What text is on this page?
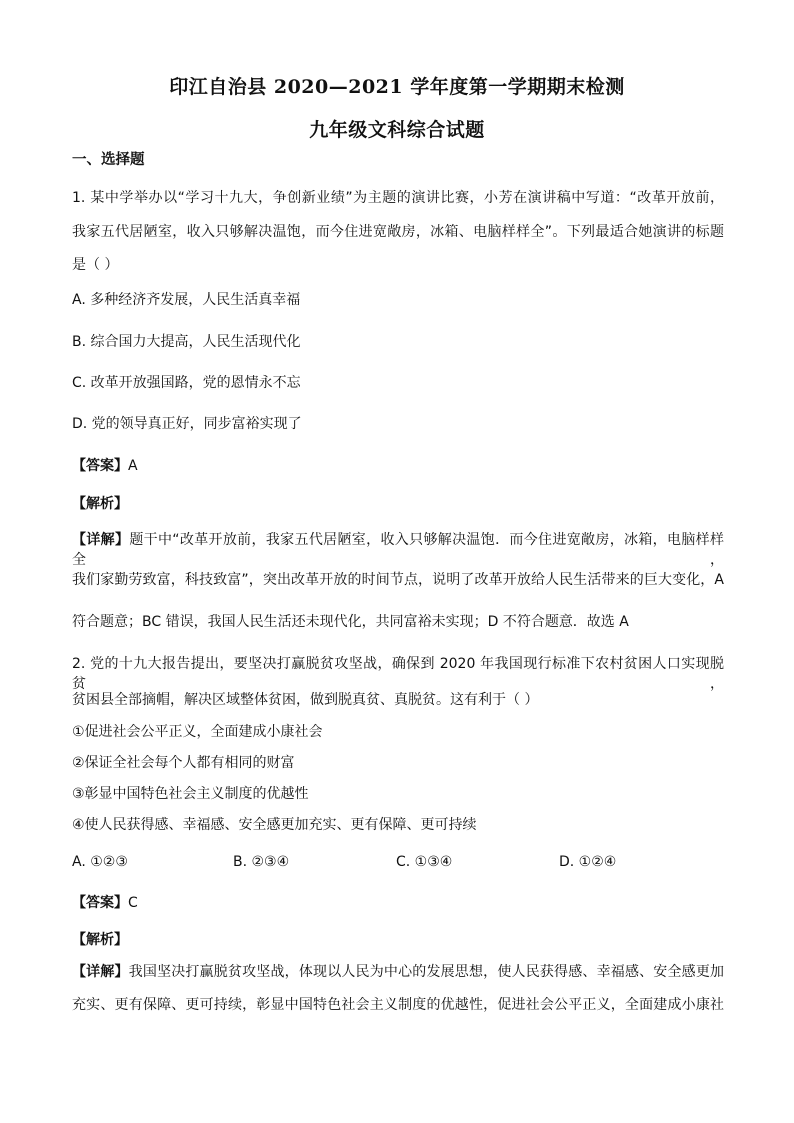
印江自治县 2020—2021 学年度第一学期期末检测
九年级文科综合试题
一、选择题
1. 某中学举办以“学习十九大，争创新业绩”为主题的演讲比赛，小芳在演讲稿中写道：“改革开放前，
我家五代居陋室，收入只够解决温饱，而今住进宽敞房，冰箱、电脑样样全”。下列最适合她演讲的标题
是（ ）
A. 多种经济齐发展，人民生活真幸福
B. 综合国力大提高，人民生活现代化
C. 改革开放强国路，党的恩情永不忘
D. 党的领导真正好，同步富裕实现了
【答案】A
【解析】
【详解】题干中“改革开放前，我家五代居陋室，收入只够解决温饱．而今住进宽敞房，冰箱，电脑样样全，
我们家勤劳致富，科技致富”，突出改革开放的时间节点，说明了改革开放给人民生活带来的巨大变化，A
符合题意；BC 错误，我国人民生活还未现代化，共同富裕未实现；D 不符合题意．故选 A
2. 党的十九大报告提出，要坚决打赢脱贫攻坚战，确保到 2020 年我国现行标准下农村贫困人口实现脱贫，
贫困县全部摘帽，解决区域整体贫困，做到脱真贫、真脱贫。这有利于（ ）
①促进社会公平正义，全面建成小康社会
②保证全社会每个人都有相同的财富
③彰显中国特色社会主义制度的优越性
④使人民获得感、幸福感、安全感更加充实、更有保障、更可持续
A. ①②③	B. ②③④	C. ①③④	D. ①②④
【答案】C
【解析】
【详解】我国坚决打赢脱贫攻坚战，体现以人民为中心的发展思想，使人民获得感、幸福感、安全感更加
充实、更有保障、更可持续，彰显中国特色社会主义制度的优越性，促进社会公平正义，全面建成小康社
